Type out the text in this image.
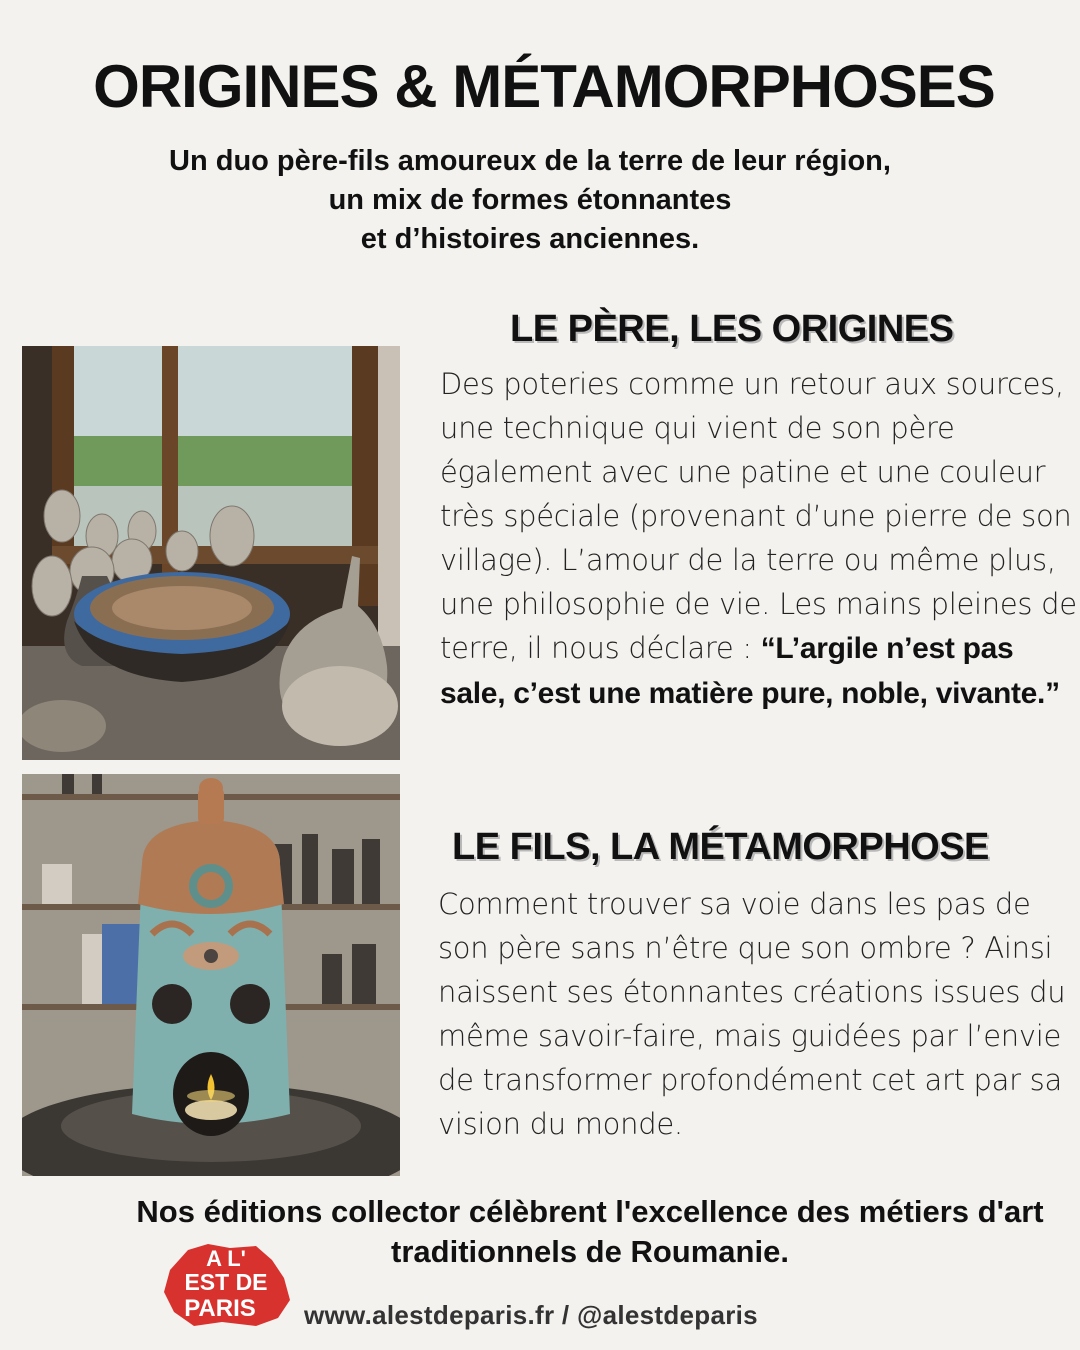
ORIGINES & MÉTAMORPHOSES
Un duo père-fils amoureux de la terre de leur région,
un mix de formes étonnantes
et d’histoires anciennes.
LE PÈRE, LES ORIGINES
Des poteries comme un retour aux sources, une technique qui vient de son père également avec une patine et une couleur très spéciale (provenant d’une pierre de son village). L’amour de la terre ou même plus, une philosophie de vie. Les mains pleines de terre, il nous déclare : “L’argile n’est pas sale, c’est une matière pure, noble, vivante.”
LE FILS, LA MÉTAMORPHOSE
Comment trouver sa voie dans les pas de son père sans n’être que son ombre ? Ainsi naissent ses étonnantes créations issues du même savoir-faire, mais guidées par l’envie de transformer profondément cet art par sa vision du monde.
Nos éditions collector célèbrent l'excellence des métiers d'art traditionnels de Roumanie.
A L'
EST DE
PARIS www.alestdeparis.fr / @alestdeparis
